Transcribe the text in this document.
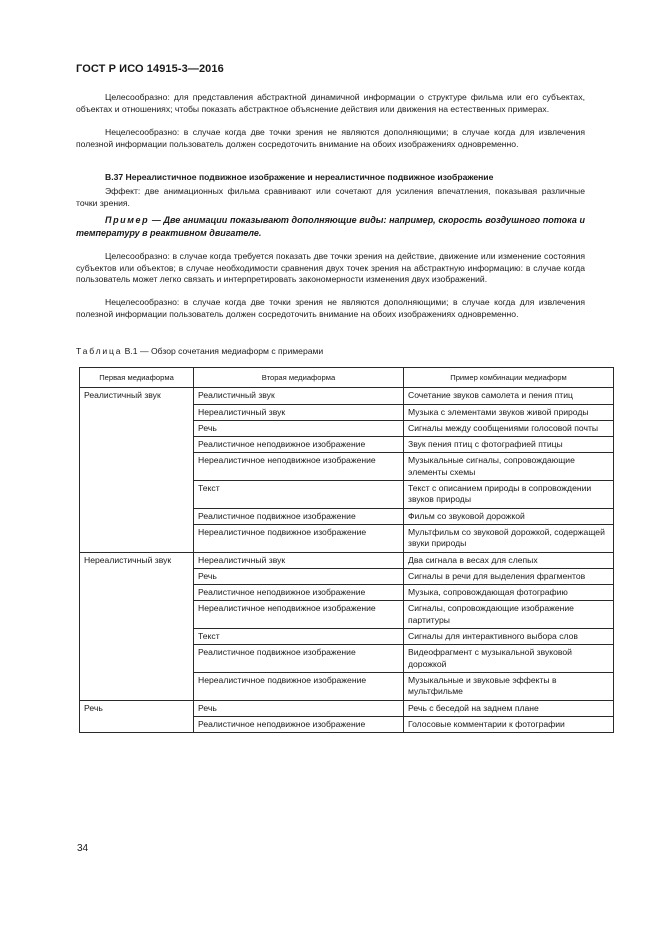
ГОСТ Р ИСО 14915-3—2016

Целесообразно: для представления абстрактной динамичной информации о структуре фильма или его субъектах, объектах и отношениях; чтобы показать абстрактное объяснение действия или движения на естественных примерах.

Нецелесообразно: в случае когда две точки зрения не являются дополняющими; в случае когда для извлечения полезной информации пользователь должен сосредоточить внимание на обоих изображениях одновременно.

В.37 Нереалистичное подвижное изображение и нереалистичное подвижное изображение

Эффект: две анимационных фильма сравнивают или сочетают для усиления впечатления, показывая различные точки зрения.

Пример — Две анимации показывают дополняющие виды: например, скорость воздушного потока и температуру в реактивном двигателе.

Целесообразно: в случае когда требуется показать две точки зрения на действие, движение или изменение состояния субъектов или объектов; в случае необходимости сравнения двух точек зрения на абстрактную информацию: в случае когда пользователь может легко связать и интерпретировать закономерности изменения двух изображений.

Нецелесообразно: в случае когда две точки зрения не являются дополняющими; в случае когда для извлечения полезной информации пользователь должен сосредоточить внимание на обоих изображениях одновременно.

Таблица В.1 — Обзор сочетания медиаформ с примерами
Первая медиаформа	Вторая медиаформа	Пример комбинации медиаформ
Реалистичный звук	Реалистичный звук	Сочетание звуков самолета и пения птиц
	Нереалистичный звук	Музыка с элементами звуков живой природы
	Речь	Сигналы между сообщениями голосовой почты
	Реалистичное неподвижное изображение	Звук пения птиц с фотографией птицы
	Нереалистичное неподвижное изображение	Музыкальные сигналы, сопровождающие элементы схемы
	Текст	Текст с описанием природы в сопровождении звуков природы
	Реалистичное подвижное изображение	Фильм со звуковой дорожкой
	Нереалистичное подвижное изображение	Мультфильм со звуковой дорожкой, содержащей звуки природы
Нереалистичный звук	Нереалистичный звук	Два сигнала в весах для слепых
	Речь	Сигналы в речи для выделения фрагментов
	Реалистичное неподвижное изображение	Музыка, сопровождающая фотографию
	Нереалистичное неподвижное изображение	Сигналы, сопровождающие изображение партитуры
	Текст	Сигналы для интерактивного выбора слов
	Реалистичное подвижное изображение	Видеофрагмент с музыкальной звуковой дорожкой
	Нереалистичное подвижное изображение	Музыкальные и звуковые эффекты в мультфильме
Речь	Речь	Речь с беседой на заднем плане
	Реалистичное неподвижное изображение	Голосовые комментарии к фотографии
34
